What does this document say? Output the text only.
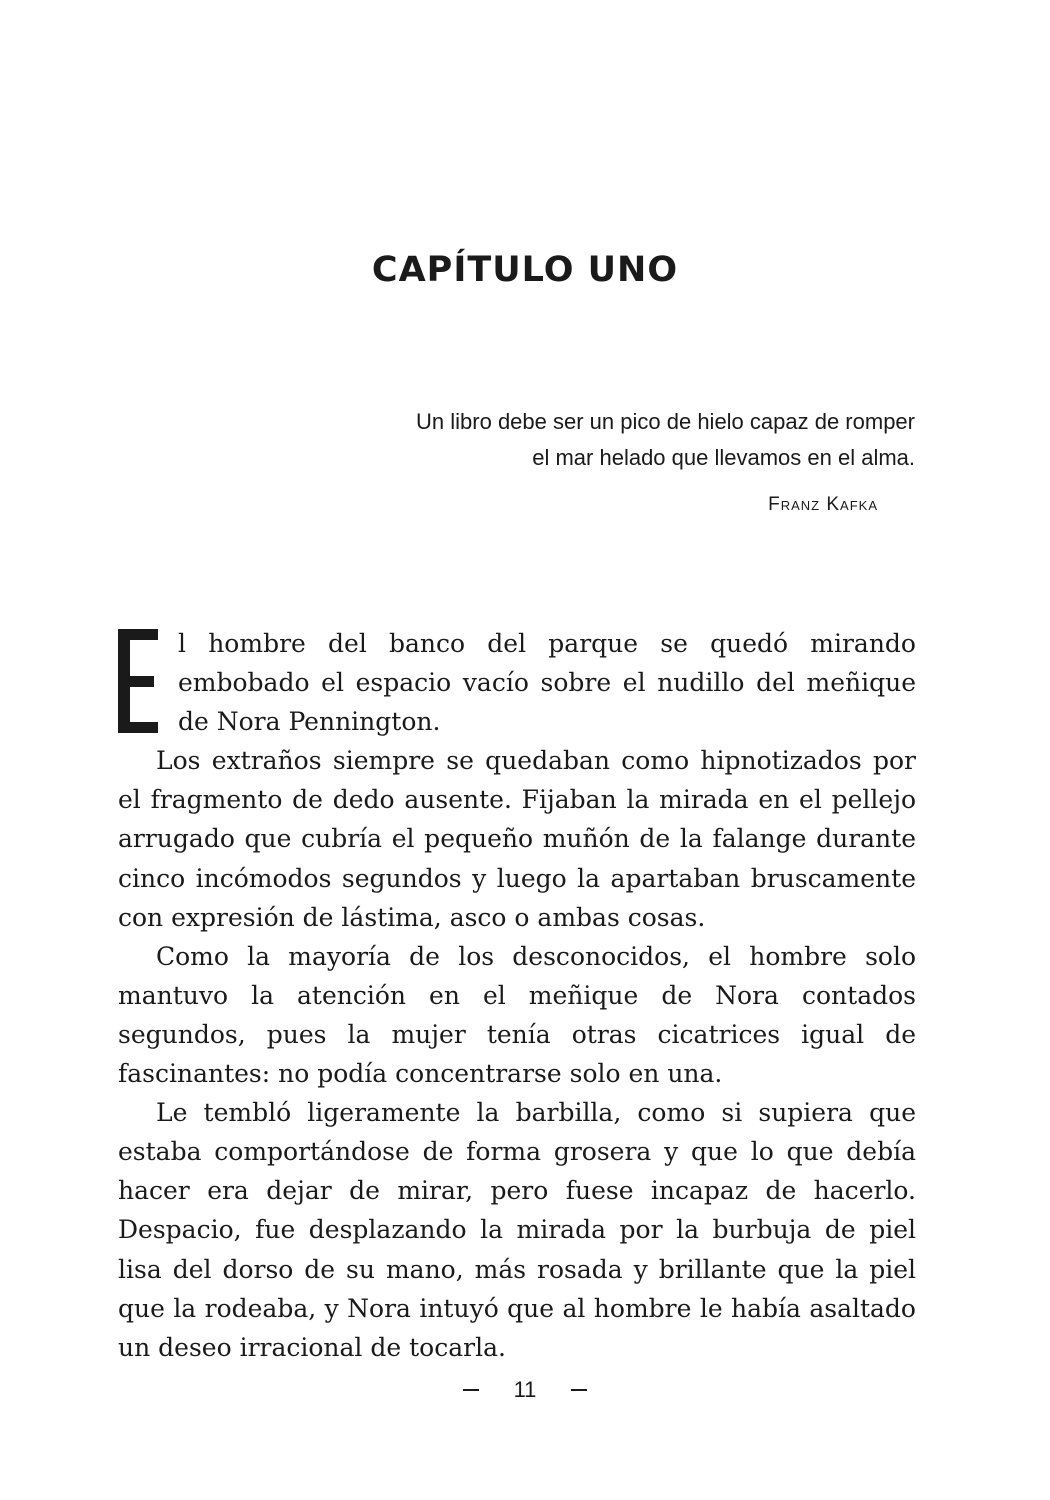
CAPÍTULO UNO
Un libro debe ser un pico de hielo capaz de romper
el mar helado que llevamos en el alma.
Franz Kafka
l hombre del banco del parque se quedó mirando embobado el espacio vacío sobre el nudillo del meñique de Nora Pennington.

Los extraños siempre se quedaban como hipnotizados por el fragmento de dedo ausente. Fijaban la mirada en el pellejo arrugado que cubría el pequeño muñón de la falange durante cinco incómodos segundos y luego la apartaban bruscamente con expresión de lástima, asco o ambas cosas.

Como la mayoría de los desconocidos, el hombre solo mantuvo la atención en el meñique de Nora contados segundos, pues la mujer tenía otras cicatrices igual de fascinantes: no podía concentrarse solo en una.

Le tembló ligeramente la barbilla, como si supiera que estaba comportándose de forma grosera y que lo que debía hacer era dejar de mirar, pero fuese incapaz de hacerlo. Despacio, fue desplazando la mirada por la burbuja de piel lisa del dorso de su mano, más rosada y brillante que la piel que la rodeaba, y Nora intuyó que al hombre le había asaltado un deseo irracional de tocarla.

11
